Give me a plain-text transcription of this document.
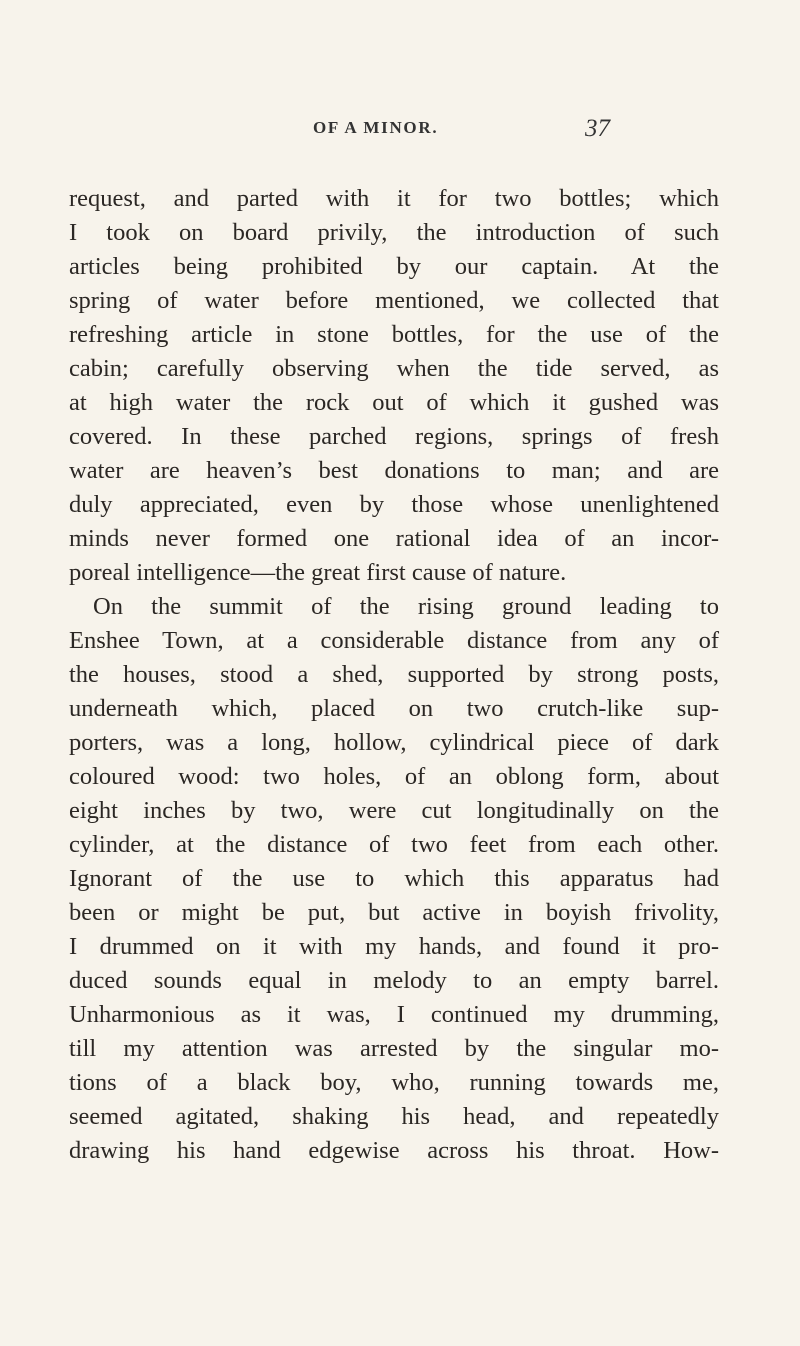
OF A MINOR.	37
request, and parted with it for two bottles; which
I took on board privily, the introduction of such
articles being prohibited by our captain. At the
spring of water before mentioned, we collected that
refreshing article in stone bottles, for the use of the
cabin; carefully observing when the tide served, as
at high water the rock out of which it gushed was
covered. In these parched regions, springs of fresh
water are heaven’s best donations to man; and are
duly appreciated, even by those whose unenlightened
minds never formed one rational idea of an incor-
poreal intelligence—the great first cause of nature.
On the summit of the rising ground leading to
Enshee Town, at a considerable distance from any of
the houses, stood a shed, supported by strong posts,
underneath which, placed on two crutch-like sup-
porters, was a long, hollow, cylindrical piece of dark
coloured wood: two holes, of an oblong form, about
eight inches by two, were cut longitudinally on the
cylinder, at the distance of two feet from each other.
Ignorant of the use to which this apparatus had
been or might be put, but active in boyish frivolity,
I drummed on it with my hands, and found it pro-
duced sounds equal in melody to an empty barrel.
Unharmonious as it was, I continued my drumming,
till my attention was arrested by the singular mo-
tions of a black boy, who, running towards me,
seemed agitated, shaking his head, and repeatedly
drawing his hand edgewise across his throat. How-
